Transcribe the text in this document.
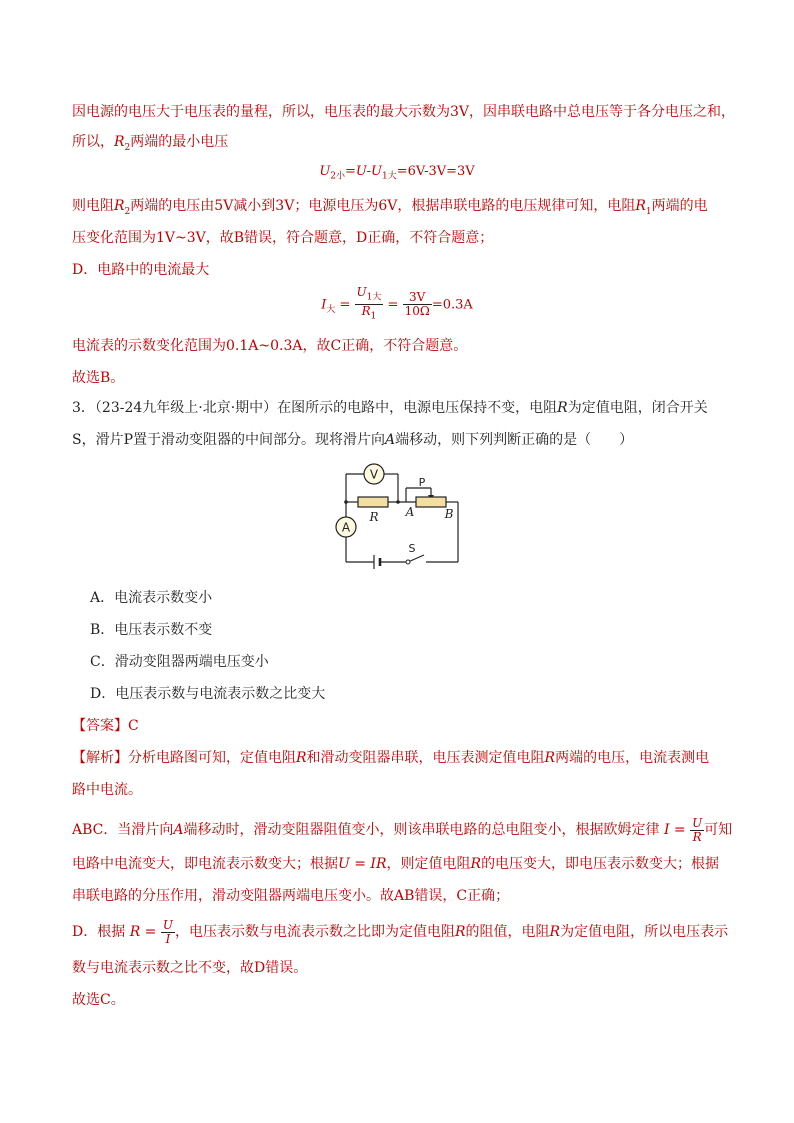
因电源的电压大于电压表的量程，所以，电压表的最大示数为3V，因串联电路中总电压等于各分电压之和，
所以，$R_2$两端的最小电压
$U_{2小}=U-U_{1大}=6V-3V=3V$
则电阻$R_2$两端的电压由5V减小到3V；电源电压为6V，根据串联电路的电压规律可知，电阻$R_1$两端的电
压变化范围为1V~3V，故B错误，符合题意，D正确，不符合题意；
D．电路中的电流最大
$I_大 = \frac{U_{1大}}{R_1} = \frac{3V}{10\Omega} =0.3A$
电流表的示数变化范围为0.1A~0.3A，故C正确，不符合题意。
故选B。
3．（23-24九年级上·北京·期中）在图所示的电路中，电源电压保持不变，电阻R为定值电阻，闭合开关
S，滑片P置于滑动变阻器的中间部分。现将滑片向A端移动，则下列判断正确的是（　　）
V
R
P
A	B
A
S
A．电流表示数变小
B．电压表示数不变
C．滑动变阻器两端电压变小
D．电压表示数与电流表示数之比变大
【答案】C
【解析】分析电路图可知，定值电阻R和滑动变阻器串联，电压表测定值电阻R两端的电压，电流表测电
路中电流。
ABC．当滑片向A端移动时，滑动变阻器阻值变小，则该串联电路的总电阻变小，根据欧姆定律 $I = \frac{U}{R}$ 可知
电路中电流变大，即电流表示数变大；根据U = IR，则定值电阻R的电压变大，即电压表示数变大；根据
串联电路的分压作用，滑动变阻器两端电压变小。故AB错误，C正确；
D．根据 $R = \frac{U}{I}$ ，电压表示数与电流表示数之比即为定值电阻R的阻值，电阻R为定值电阻，所以电压表示
数与电流表示数之比不变，故D错误。
故选C。
